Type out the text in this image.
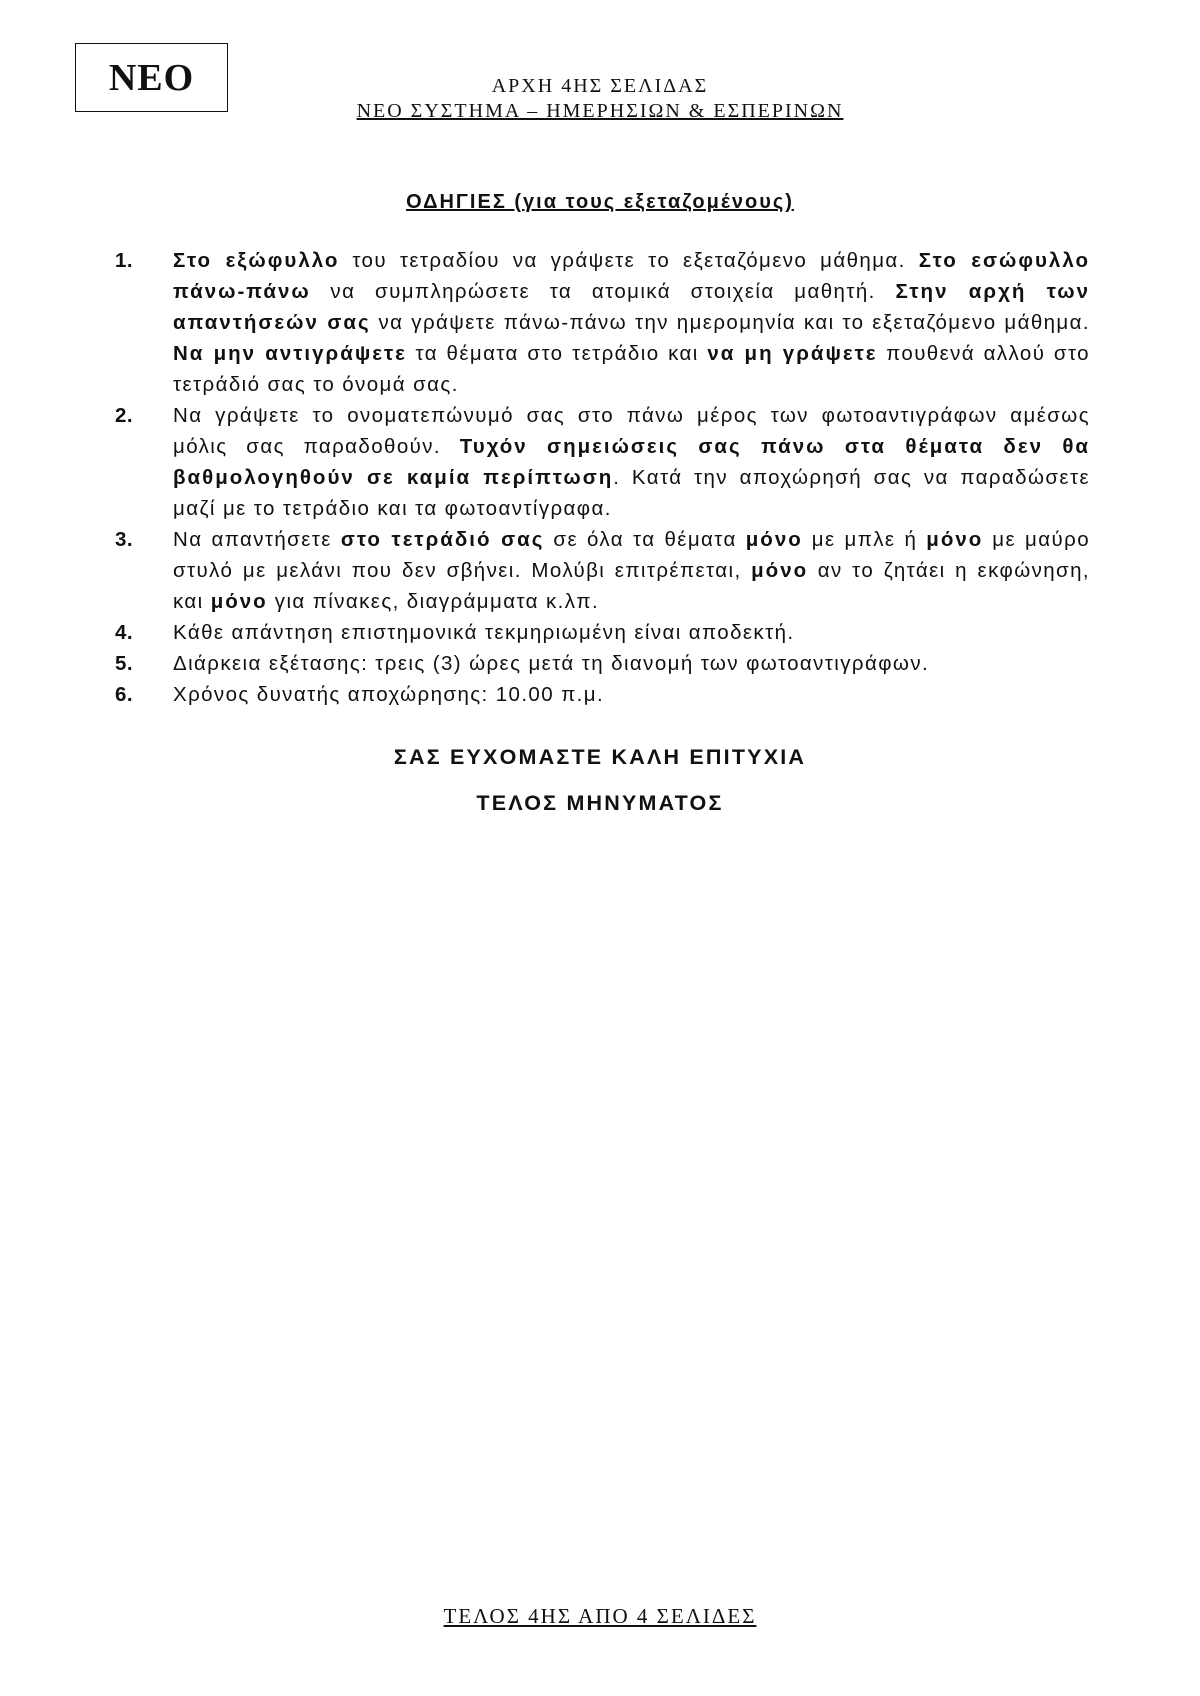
ΝΕΟ	ΑΡΧΗ 4ΗΣ ΣΕΛΙΔΑΣ
ΝΕΟ ΣΥΣΤΗΜΑ – ΗΜΕΡΗΣΙΩΝ & ΕΣΠΕΡΙΝΩΝ
ΟΔΗΓΙΕΣ (για τους εξεταζομένους)
1. Στο εξώφυλλο του τετραδίου να γράψετε το εξεταζόμενο μάθημα. Στο εσώφυλλο πάνω-πάνω να συμπληρώσετε τα ατομικά στοιχεία μαθητή. Στην αρχή των απαντήσεών σας να γράψετε πάνω-πάνω την ημερομηνία και το εξεταζόμενο μάθημα. Να μην αντιγράψετε τα θέματα στο τετράδιο και να μη γράψετε πουθενά αλλού στο τετράδιό σας το όνομά σας.
2. Να γράψετε το ονοματεπώνυμό σας στο πάνω μέρος των φωτοαντιγράφων αμέσως μόλις σας παραδοθούν. Τυχόν σημειώσεις σας πάνω στα θέματα δεν θα βαθμολογηθούν σε καμία περίπτωση. Κατά την αποχώρησή σας να παραδώσετε μαζί με το τετράδιο και τα φωτοαντίγραφα.
3. Να απαντήσετε στο τετράδιό σας σε όλα τα θέματα μόνο με μπλε ή μόνο με μαύρο στυλό με μελάνι που δεν σβήνει. Μολύβι επιτρέπεται, μόνο αν το ζητάει η εκφώνηση, και μόνο για πίνακες, διαγράμματα κ.λπ.
4. Κάθε απάντηση επιστημονικά τεκμηριωμένη είναι αποδεκτή.
5. Διάρκεια εξέτασης: τρεις (3) ώρες μετά τη διανομή των φωτοαντιγράφων.
6. Χρόνος δυνατής αποχώρησης: 10.00 π.μ.
ΣΑΣ ΕΥΧΟΜΑΣΤΕ ΚΑΛΗ ΕΠΙΤΥΧΙΑ
ΤΕΛΟΣ ΜΗΝΥΜΑΤΟΣ
ΤΕΛΟΣ 4ΗΣ ΑΠΟ 4 ΣΕΛΙΔΕΣ
